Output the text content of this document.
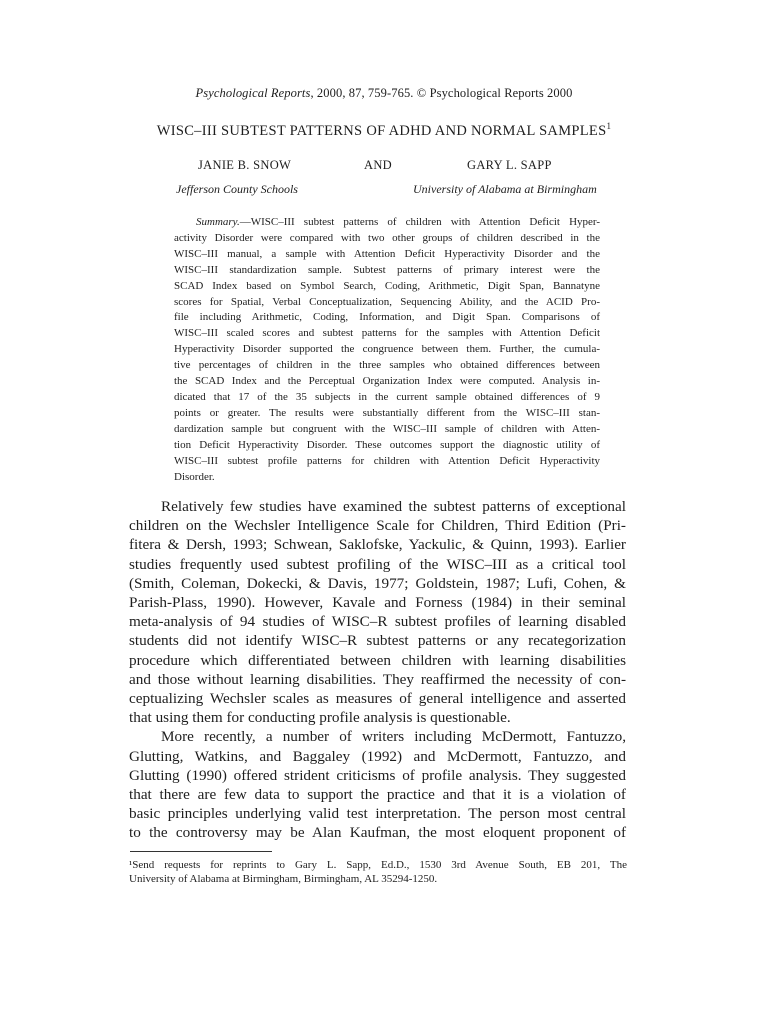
Psychological Reports, 2000, 87, 759-765. © Psychological Reports 2000
WISC–III SUBTEST PATTERNS OF ADHD AND NORMAL SAMPLES$^1$
JANIE B. SNOW	AND	GARY L. SAPP
Jefferson County Schools	University of Alabama at Birmingham
Summary.—WISC–III subtest patterns of children with Attention Deficit Hyper-
activity Disorder were compared with two other groups of children described in the
WISC–III manual, a sample with Attention Deficit Hyperactivity Disorder and the
WISC–III standardization sample. Subtest patterns of primary interest were the
SCAD Index based on Symbol Search, Coding, Arithmetic, Digit Span, Bannatyne
scores for Spatial, Verbal Conceptualization, Sequencing Ability, and the ACID Pro-
file including Arithmetic, Coding, Information, and Digit Span. Comparisons of
WISC–III scaled scores and subtest patterns for the samples with Attention Deficit
Hyperactivity Disorder supported the congruence between them. Further, the cumula-
tive percentages of children in the three samples who obtained differences between
the SCAD Index and the Perceptual Organization Index were computed. Analysis in-
dicated that 17 of the 35 subjects in the current sample obtained differences of 9
points or greater. The results were substantially different from the WISC–III stan-
dardization sample but congruent with the WISC–III sample of children with Atten-
tion Deficit Hyperactivity Disorder. These outcomes support the diagnostic utility of
WISC–III subtest profile patterns for children with Attention Deficit Hyperactivity
Disorder.
Relatively few studies have examined the subtest patterns of exceptional
children on the Wechsler Intelligence Scale for Children, Third Edition (Pri-
fitera & Dersh, 1993; Schwean, Saklofske, Yackulic, & Quinn, 1993). Earlier
studies frequently used subtest profiling of the WISC–III as a critical tool
(Smith, Coleman, Dokecki, & Davis, 1977; Goldstein, 1987; Lufi, Cohen, &
Parish-Plass, 1990). However, Kavale and Forness (1984) in their seminal
meta-analysis of 94 studies of WISC–R subtest profiles of learning disabled
students did not identify WISC–R subtest patterns or any recategorization
procedure which differentiated between children with learning disabilities
and those without learning disabilities. They reaffirmed the necessity of con-
ceptualizing Wechsler scales as measures of general intelligence and asserted
that using them for conducting profile analysis is questionable.
More recently, a number of writers including McDermott, Fantuzzo,
Glutting, Watkins, and Baggaley (1992) and McDermott, Fantuzzo, and
Glutting (1990) offered strident criticisms of profile analysis. They suggested
that there are few data to support the practice and that it is a violation of
basic principles underlying valid test interpretation. The person most central
to the controversy may be Alan Kaufman, the most eloquent proponent of
¹Send requests for reprints to Gary L. Sapp, Ed.D., 1530 3rd Avenue South, EB 201, The
University of Alabama at Birmingham, Birmingham, AL 35294-1250.
